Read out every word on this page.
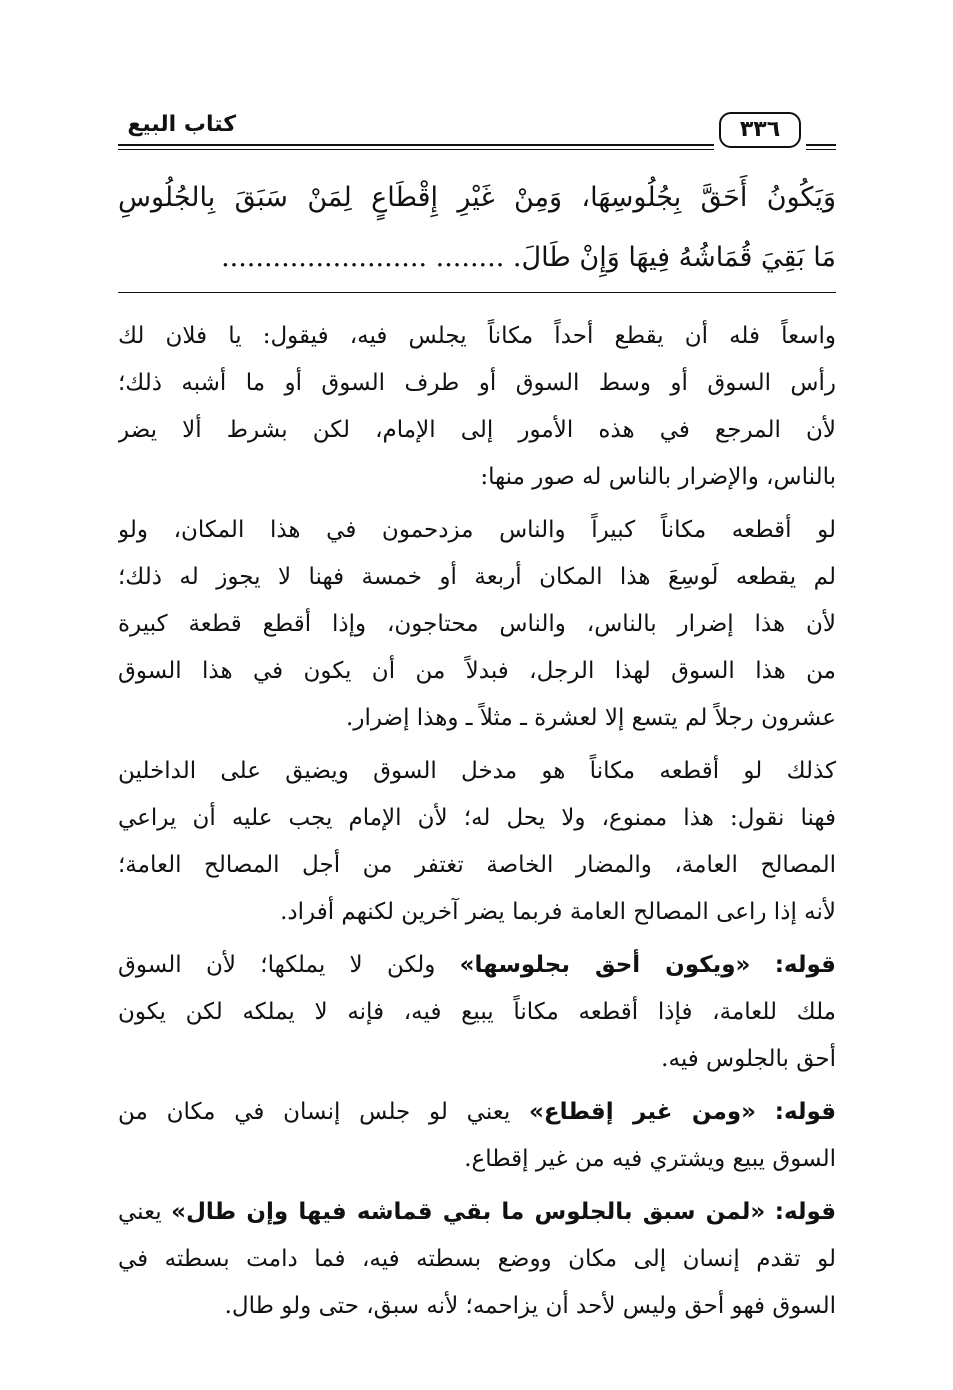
كتاب البيع	٣٣٦
وَيَكُونُ أَحَقَّ بِجُلُوسِهَا، وَمِنْ غَيْرِ إِقْطَاعٍ لِمَنْ سَبَقَ بِالجُلُوسِ
مَا بَقِيَ قُمَاشُهُ فِيهَا وَإِنْ طَالَ. ........ ........................
واسعاً فله أن يقطع أحداً مكاناً يجلس فيه، فيقول: يا فلان لك
رأس السوق أو وسط السوق أو طرف السوق أو ما أشبه ذلك؛
لأن المرجع في هذه الأمور إلى الإمام، لكن بشرط ألا يضر
بالناس، والإضرار بالناس له صور منها:
لو أقطعه مكاناً كبيراً والناس مزدحمون في هذا المكان، ولو
لم يقطعه لَوسِعَ هذا المكان أربعة أو خمسة فهنا لا يجوز له ذلك؛
لأن هذا إضرار بالناس، والناس محتاجون، وإذا أقطع قطعة كبيرة
من هذا السوق لهذا الرجل، فبدلاً من أن يكون في هذا السوق
عشرون رجلاً لم يتسع إلا لعشرة ـ مثلاً ـ وهذا إضرار.
كذلك لو أقطعه مكاناً هو مدخل السوق ويضيق على الداخلين
فهنا نقول: هذا ممنوع، ولا يحل له؛ لأن الإمام يجب عليه أن يراعي
المصالح العامة، والمضار الخاصة تغتفر من أجل المصالح العامة؛
لأنه إذا راعى المصالح العامة فربما يضر آخرين لكنهم أفراد.
قوله: «ويكون أحق بجلوسها» ولكن لا يملكها؛ لأن السوق
ملك للعامة، فإذا أقطعه مكاناً يبيع فيه، فإنه لا يملكه لكن يكون
أحق بالجلوس فيه.
قوله: «ومن غير إقطاع» يعني لو جلس إنسان في مكان من
السوق يبيع ويشتري فيه من غير إقطاع.
قوله: «لمن سبق بالجلوس ما بقي قماشه فيها وإن طال» يعني
لو تقدم إنسان إلى مكان ووضع بسطته فيه، فما دامت بسطته في
السوق فهو أحق وليس لأحد أن يزاحمه؛ لأنه سبق، حتى ولو طال.
